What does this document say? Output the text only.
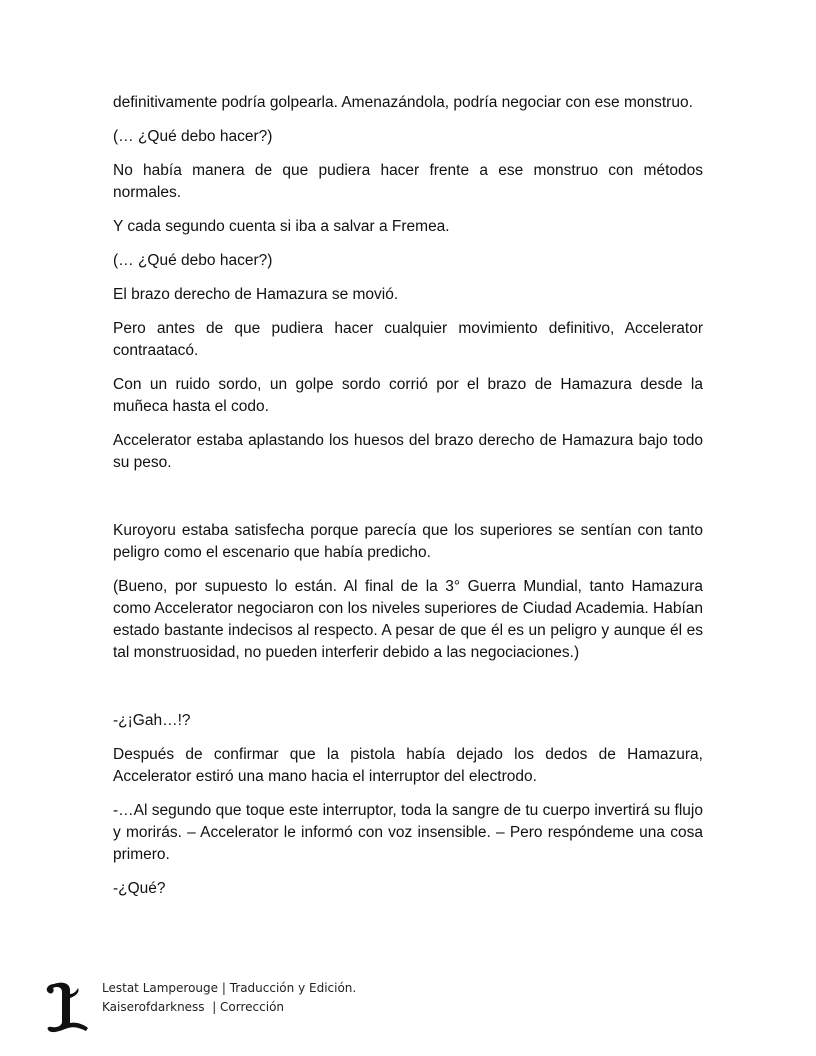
definitivamente podría golpearla. Amenazándola, podría negociar con ese monstruo.

(… ¿Qué debo hacer?)

No había manera de que pudiera hacer frente a ese monstruo con métodos normales.

Y cada segundo cuenta si iba a salvar a Fremea.

(… ¿Qué debo hacer?)

El brazo derecho de Hamazura se movió.

Pero antes de que pudiera hacer cualquier movimiento definitivo, Accelerator contraatacó.

Con un ruido sordo, un golpe sordo corrió por el brazo de Hamazura desde la muñeca hasta el codo.

Accelerator estaba aplastando los huesos del brazo derecho de Hamazura bajo todo su peso.

Kuroyoru estaba satisfecha porque parecía que los superiores se sentían con tanto peligro como el escenario que había predicho.

(Bueno, por supuesto lo están. Al final de la 3° Guerra Mundial, tanto Hamazura como Accelerator negociaron con los niveles superiores de Ciudad Academia. Habían estado bastante indecisos al respecto. A pesar de que él es un peligro y aunque él es tal monstruosidad, no pueden interferir debido a las negociaciones.)

-¿¡Gah…!?

Después de confirmar que la pistola había dejado los dedos de Hamazura, Accelerator estiró una mano hacia el interruptor del electrodo.

-…Al segundo que toque este interruptor, toda la sangre de tu cuerpo invertirá su flujo y morirás. – Accelerator le informó con voz insensible. – Pero respóndeme una cosa primero.

-¿Qué?

Lestat Lamperouge | Traducción y Edición.
Kaiserofdarkness  | Corrección
